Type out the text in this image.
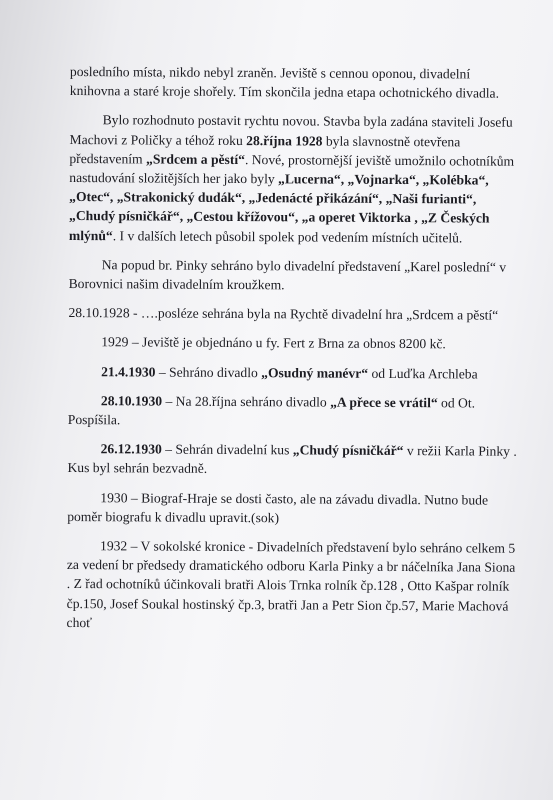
posledního místa, nikdo nebyl zraněn. Jeviště s cennou oponou, divadelní knihovna a staré kroje shořely. Tím skončila jedna etapa ochotnického divadla.

Bylo rozhodnuto postavit rychtu novou. Stavba byla zadána staviteli Josefu Machovi z Poličky a téhož roku 28.října 1928 byla slavnostně otevřena představením „Srdcem a pěstí“. Nové, prostornější jeviště umožnilo ochotníkům nastudování složitějších her jako byly „Lucerna“, „Vojnarka“, „Kolébka“, „Otec“, „Strakonický dudák“, „Jedenácté přikázání“, „Naši furianti“, „Chudý písničkář“, „Cestou křížovou“, „a operet Viktorka , „Z Českých mlýnů“. I v dalších letech působil spolek pod vedením místních učitelů.

Na popud br. Pinky sehráno bylo divadelní představení „Karel poslední“ v Borovnici našim divadelním kroužkem.

28.10.1928 - ….posléze sehrána byla na Rychtě divadelní hra „Srdcem a pěstí“

1929 – Jeviště je objednáno u fy. Fert z Brna za obnos 8200 kč.

21.4.1930 – Sehráno divadlo „Osudný manévr“ od Luďka Archleba

28.10.1930 – Na 28.října sehráno divadlo „A přece se vrátil“ od Ot. Pospíšila.

26.12.1930 – Sehrán divadelní kus „Chudý písničkář“ v režii Karla Pinky . Kus byl sehrán bezvadně.

1930 – Biograf-Hraje se dosti často, ale na závadu divadla. Nutno bude poměr biografu k divadlu upravit.(sok)

1932 – V sokolské kronice - Divadelních představení bylo sehráno celkem 5 za vedení br předsedy dramatického odboru Karla Pinky a br náčelníka Jana Siona . Z řad ochotníků účinkovali bratři Alois Trnka rolník čp.128 , Otto Kašpar rolník čp.150, Josef Soukal hostinský čp.3, bratři Jan a Petr Sion čp.57, Marie Machová choť
